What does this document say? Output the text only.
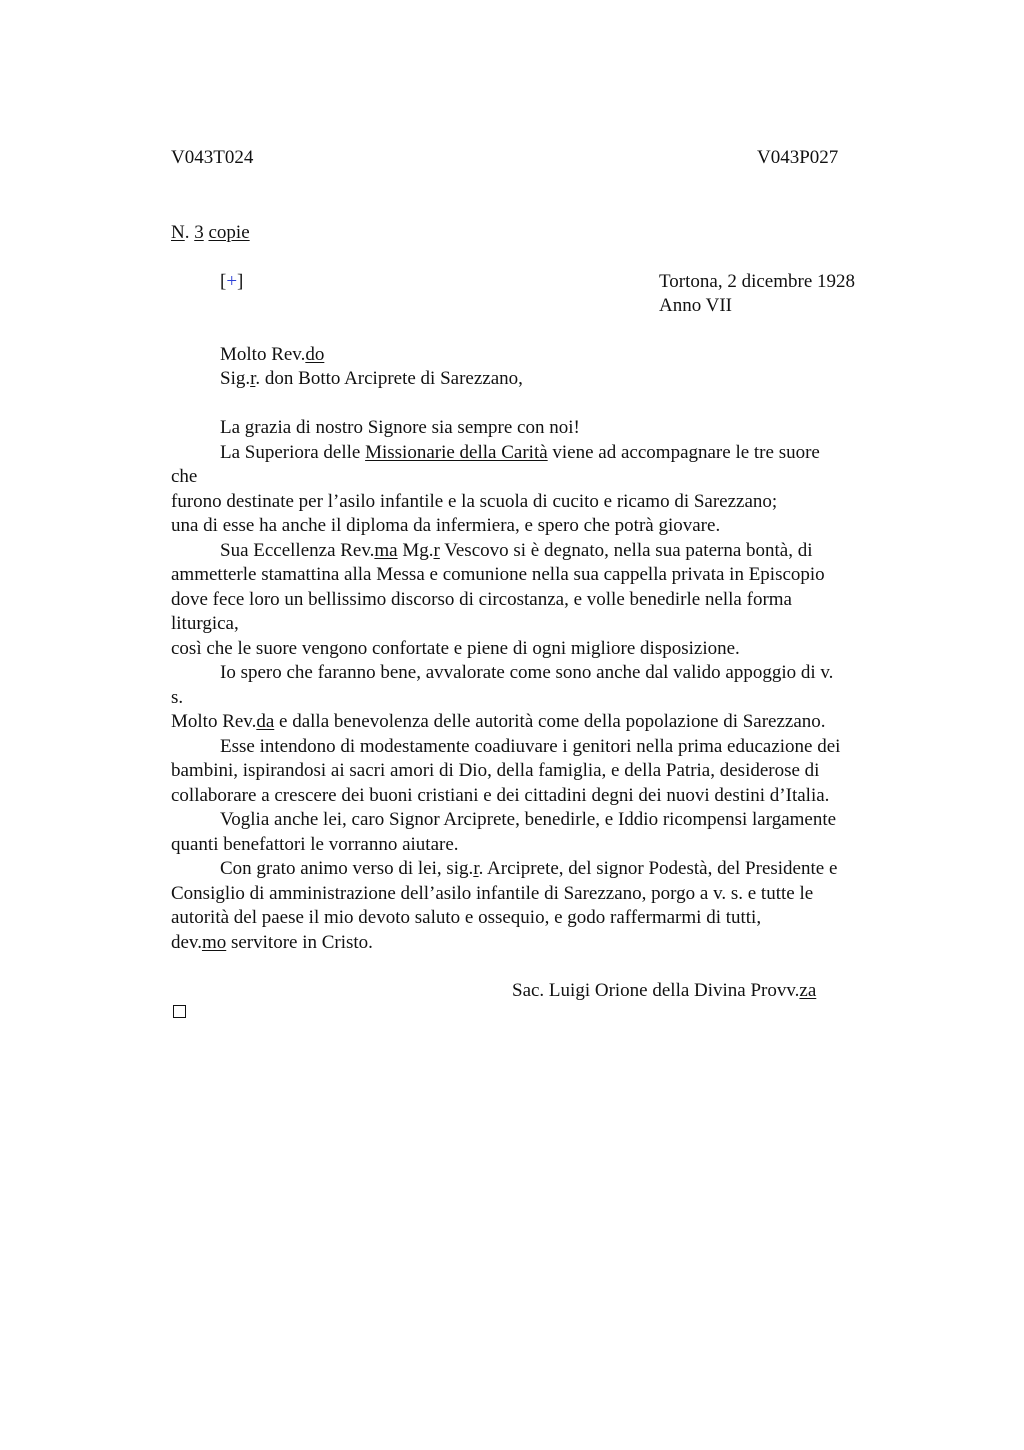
V043T024	V043P027
N. 3 copie
[+]	Tortona, 2 dicembre 1928
Anno VII
Molto Rev.do
Sig.r. don Botto Arciprete di Sarezzano,
La grazia di nostro Signore sia sempre con noi!
La Superiora delle Missionarie della Carità viene ad accompagnare le tre suore
che
furono destinate per l’asilo infantile e la scuola di cucito e ricamo di Sarezzano;
una di esse ha anche il diploma da infermiera, e spero che potrà giovare.
Sua Eccellenza Rev.ma Mg.r Vescovo si è degnato, nella sua paterna bontà, di
ammetterle stamattina alla Messa e comunione nella sua cappella privata in Episcopio
dove fece loro un bellissimo discorso di circostanza, e volle benedirle nella forma
liturgica,
così che le suore vengono confortate e piene di ogni migliore disposizione.
Io spero che faranno bene, avvalorate come sono anche dal valido appoggio di v.
s.
Molto Rev.da e dalla benevolenza delle autorità come della popolazione di Sarezzano.
Esse intendono di modestamente coadiuvare i genitori nella prima educazione dei
bambini, ispirandosi ai sacri amori di Dio, della famiglia, e della Patria, desiderose di
collaborare a crescere dei buoni cristiani e dei cittadini degni dei nuovi destini d’Italia.
Voglia anche lei, caro Signor Arciprete, benedirle, e Iddio ricompensi largamente
quanti benefattori le vorranno aiutare.
Con grato animo verso di lei, sig.r. Arciprete, del signor Podestà, del Presidente e
Consiglio di amministrazione dell’asilo infantile di Sarezzano, porgo a v. s. e tutte le
autorità del paese il mio devoto saluto e ossequio, e godo raffermarmi di tutti,
dev.mo servitore in Cristo.
Sac. Luigi Orione della Divina Provv.za
